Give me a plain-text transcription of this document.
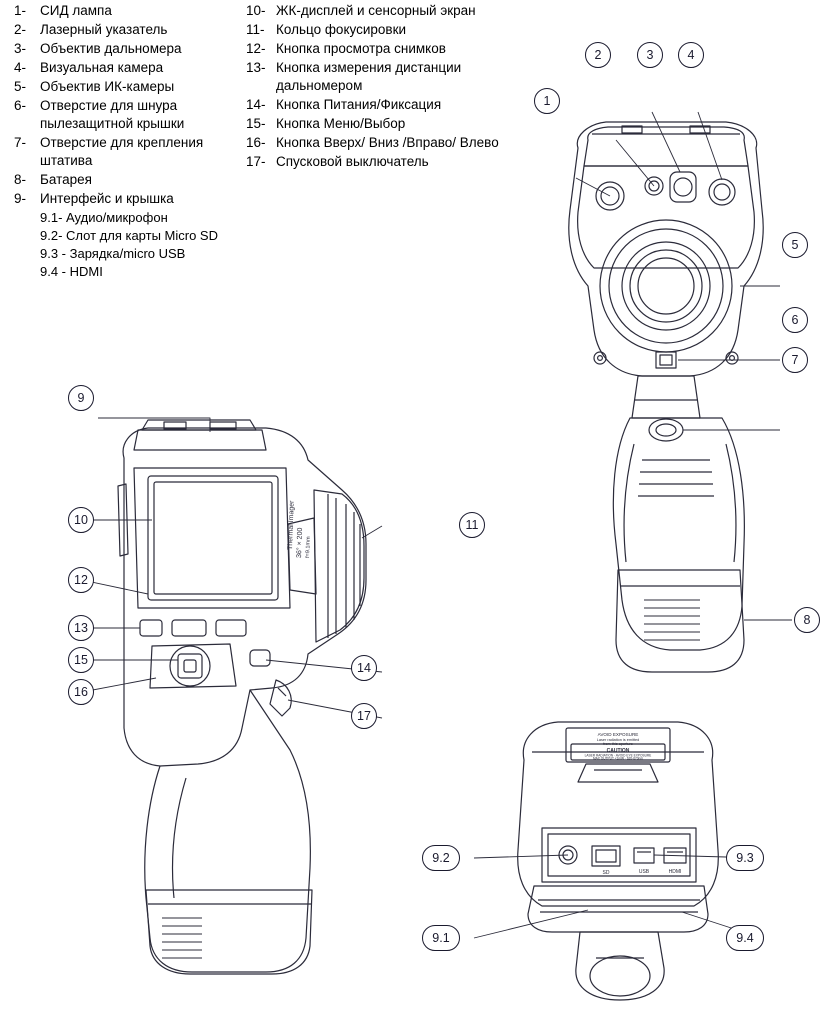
1-	СИД лампа
2-	Лазерный указатель
3-	Объектив дальномера
4-	Визуальная камера
5-	Объектив ИК-камеры
6-	Отверстие для шнура пылезащитной крышки
7-	Отверстие для крепления штатива
8-	Батарея
9-	Интерфейс и крышка
9.1- Аудио/микрофон
9.2- Слот для карты Micro SD
9.3 - Зарядка/micro USB
9.4 - HDMI
10- ЖК-дисплей и сенсорный экран
11- Кольцо фокусировки
12- Кнопка просмотра снимков
13- Кнопка измерения дистанции дальномером
14- Кнопка Питания/Фиксация
15- Кнопка Меню/Выбор
16- Кнопка Вверх/ Вниз /Вправо/ Влево
17- Спусковой выключатель
1
2	3	4
5
6
7
8
Thermal Imager 36° × 200 f=9.1mm
9
10	11
12
13
14
15
16
17
AVOID EXPOSURE
Laser radiation is emitted
from this aperture
CAUTION
LASER RADIATION · AVOID EYE EXPOSURE
MAX OUTPUT <1mW · 620-670nm
SD	USB	HDMI
9.2	9.3
9.1	9.4
